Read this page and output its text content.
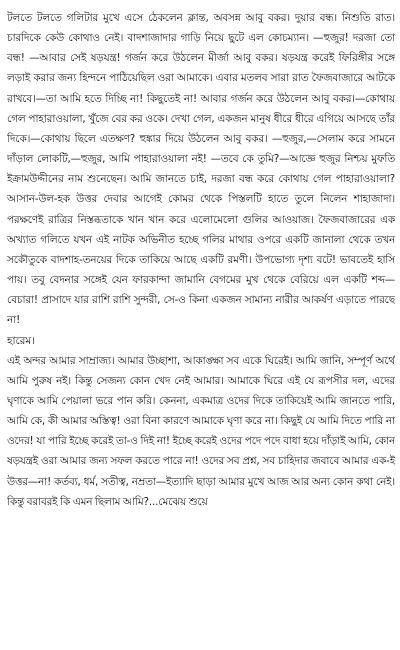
টলতে টলতে গলিটার মুখে এসে ঠেকলেন ক্লান্ত, অবসন্ন আবু বকর। দুয়ার বন্ধ। নিশুতি রাত। চারদিকে কেউ কোথাও নেই। বাদশাজাদার গাড়ি নিয়ে ছুটে এল কোচম্যান। —হুজুর! দরজা তো বন্ধ! —আবার সেই ষড়যন্ত্র! গর্জন করে উঠলেন মীর্জা আবু বকর। ষড়যন্ত্র করেই ফিরিঙ্গীর সঙ্গে লড়াই করার জন্য হিন্দনে পাঠিয়েছিল ওরা আমাকে। এবার মতলব সারা রাত ফৈজবাজারে আটকে রাখবে।—তা আমি হতে দিচ্ছি না! কিছুতেই না! আবার গর্জন করে উঠলেন আবু বকর।—কোথায় গেল পাহারাওয়ালা, খুঁজে বের কর ওকে। দেখা গেল, একজন মানুষ ধীরে ধীরে এগিয়ে আসছে তাঁর দিকে।—কোথায় ছিলে এতক্ষণ? হুঙ্কার দিয়ে উঠলেন আবু বকর। —হুজুর,—সেলাম করে সামনে দাঁড়াল লোকটি,—হুজুর, আমি পাহারাওয়ালা নই! —তবে কে তুমি?—আজ্ঞে হুজুর নিশ্চয় মুফতি ইক্রামউদ্দীনের নাম শুনেছেন। আমি জানতে চাই, দরজা বন্ধ করে কোথায় গেল পাহারাওয়ালা? আসান-উল-হক উত্তর দেবার আগেই কোমর থেকে পিস্তলটি হাতে তুলে নিলেন শাহাজাদা। পরক্ষণেই রাত্রির নিস্তব্ধতাকে খান খান করে এলোমেলো গুলির আওয়াজ। ফৈজবাজারের এক অখ্যাত গলিতে যখন এই নাটক অভিনীত হচ্ছে গলির মাথার ওপরে একটি জানালা থেকে তখন সকৌতুকে বাদশাহ-তনয়ের দিকে তাকিয়ে আছে একটি রমণী। উপভোগ্য দৃশ্য বটে! ভাবতেই হাসি পায়। তবু বেদনার সঙ্গেই যেন ফারকান্দা জামানি বেগমের মুখ থেকে বেরিয়ে এল একটি শব্দ— বেচারা! প্রাসাদে যার রাশি রাশি সুন্দরী, সে-ও কিনা একজন সামান্য নারীর আকর্ষণ এড়াতে পারছে না!

হারেম।

এই অন্দর আমার সাম্রাজ্য। আমার উচ্ছাশা, আকাঙ্ক্ষা সব একে ঘিরেই। আমি জানি, সম্পূর্ণ অর্থে আমি পুরুষ নই। কিন্তু সেজন্য কোন খেদ নেই আমার। আমাকে ঘিরে এই যে রূপসীর দল, এদের ঘৃণাকে আমি পেয়ালা ভরে পান করি। কেননা, একমাত্র ওদের দিকে তাকিয়েই আমি জানতে পারি, আমি কে, কী আমার অস্তিত্ব! ওরা বিনা কারণে আমাকে ঘৃণা করে না। কিছুই যে আমি দিতে পারি না ওদের! যা পারি ইচ্ছে করেই তা-ও দিই না! ইচ্ছে করেই ওদের পদে পদে বাধা হয়ে দাঁড়াই আমি, কোন ষড়যন্ত্রই ওরা আমার জন্য সফল করতে পারে না! ওদের সব প্রশ্ন, সব চাহিদার জবাবে আমার এক-ই উত্তর—না! কর্তব্য, ধর্ম, সতীত্ব, নম্রতা—ইত্যাদি ছাড়া আমার মুখে আজ আর অন্য কোন কথা নেই। কিন্তু বরাবরই কি এমন ছিলাম আমি?...মেঝেয় শুয়ে
